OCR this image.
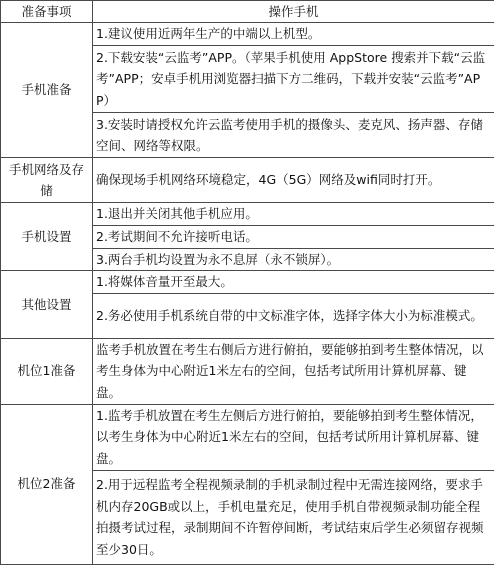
准备事项	操作手机
手机准备	1.建议使用近两年生产的中端以上机型。
	2.下载安装“云监考”APP。（苹果手机使用 AppStore 搜索并下载“云监考”APP；安卓手机用浏览器扫描下方二维码，下载并安装“云监考”APP）
	3.安装时请授权允许云监考使用手机的摄像头、麦克风、扬声器、存储空间、网络等权限。
手机网络及存储	确保现场手机网络环境稳定，4G（5G）网络及wifi同时打开。
手机设置	1.退出并关闭其他手机应用。
	2.考试期间不允许接听电话。
	3.两台手机均设置为永不息屏（永不锁屏）。
其他设置	1.将媒体音量开至最大。
	2.务必使用手机系统自带的中文标准字体，选择字体大小为标准模式。
机位1准备	监考手机放置在考生右侧后方进行俯拍，要能够拍到考生整体情况，以考生身体为中心附近1米左右的空间，包括考试所用计算机屏幕、键盘。
机位2准备	1.监考手机放置在考生左侧后方进行俯拍，要能够拍到考生整体情况，以考生身体为中心附近1米左右的空间，包括考试所用计算机屏幕、键盘。
	2.用于远程监考全程视频录制的手机录制过程中无需连接网络，要求手机内存20GB或以上，手机电量充足，使用手机自带视频录制功能全程拍摄考试过程，录制期间不许暂停间断，考试结束后学生必须留存视频至少30日。
